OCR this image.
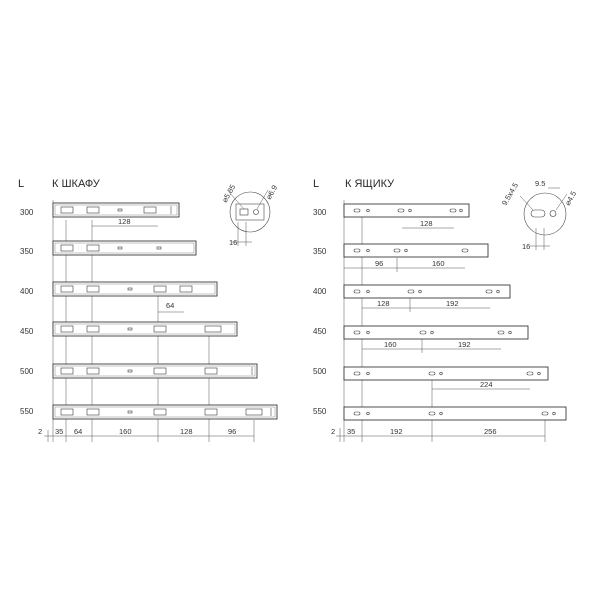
L	К ШКАФУ
300
350
400
450
500
550
128
64
2 35 64	160	128	96
⌀5.85	⌀6.9
16
L К ЯЩИКУ
300
350
400
450
500
550
128
96	160
128	192
160	192
224
2 35	192	256
9.5x4.5	⌀4.5
9.5
16
